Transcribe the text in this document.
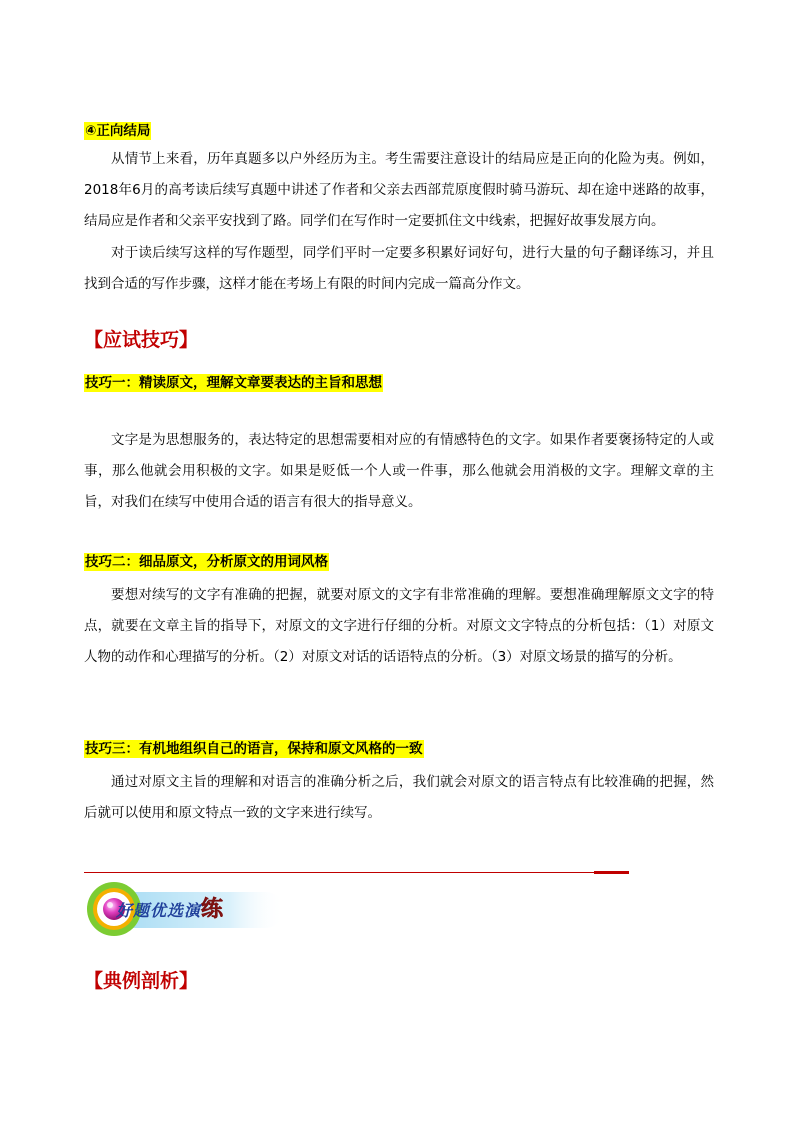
④正向结局

从情节上来看，历年真题多以户外经历为主。考生需要注意设计的结局应是正向的化险为夷。例如，2018年6月的高考读后续写真题中讲述了作者和父亲去西部荒原度假时骑马游玩、却在途中迷路的故事，结局应是作者和父亲平安找到了路。同学们在写作时一定要抓住文中线索，把握好故事发展方向。

对于读后续写这样的写作题型，同学们平时一定要多积累好词好句，进行大量的句子翻译练习，并且找到合适的写作步骤，这样才能在考场上有限的时间内完成一篇高分作文。

【应试技巧】
技巧一：精读原文，理解文章要表达的主旨和思想

文字是为思想服务的，表达特定的思想需要相对应的有情感特色的文字。如果作者要褒扬特定的人或事，那么他就会用积极的文字。如果是贬低一个人或一件事，那么他就会用消极的文字。理解文章的主旨，对我们在续写中使用合适的语言有很大的指导意义。

技巧二：细品原文，分析原文的用词风格

要想对续写的文字有准确的把握，就要对原文的文字有非常准确的理解。要想准确理解原文文字的特点，就要在文章主旨的指导下，对原文的文字进行仔细的分析。对原文文字特点的分析包括：（1）对原文人物的动作和心理描写的分析。（2）对原文对话的话语特点的分析。（3）对原文场景的描写的分析。

技巧三：有机地组织自己的语言，保持和原文风格的一致

通过对原文主旨的理解和对语言的准确分析之后，我们就会对原文的语言特点有比较准确的把握，然后就可以使用和原文特点一致的文字来进行续写。

好题优选演练
【典例剖析】
